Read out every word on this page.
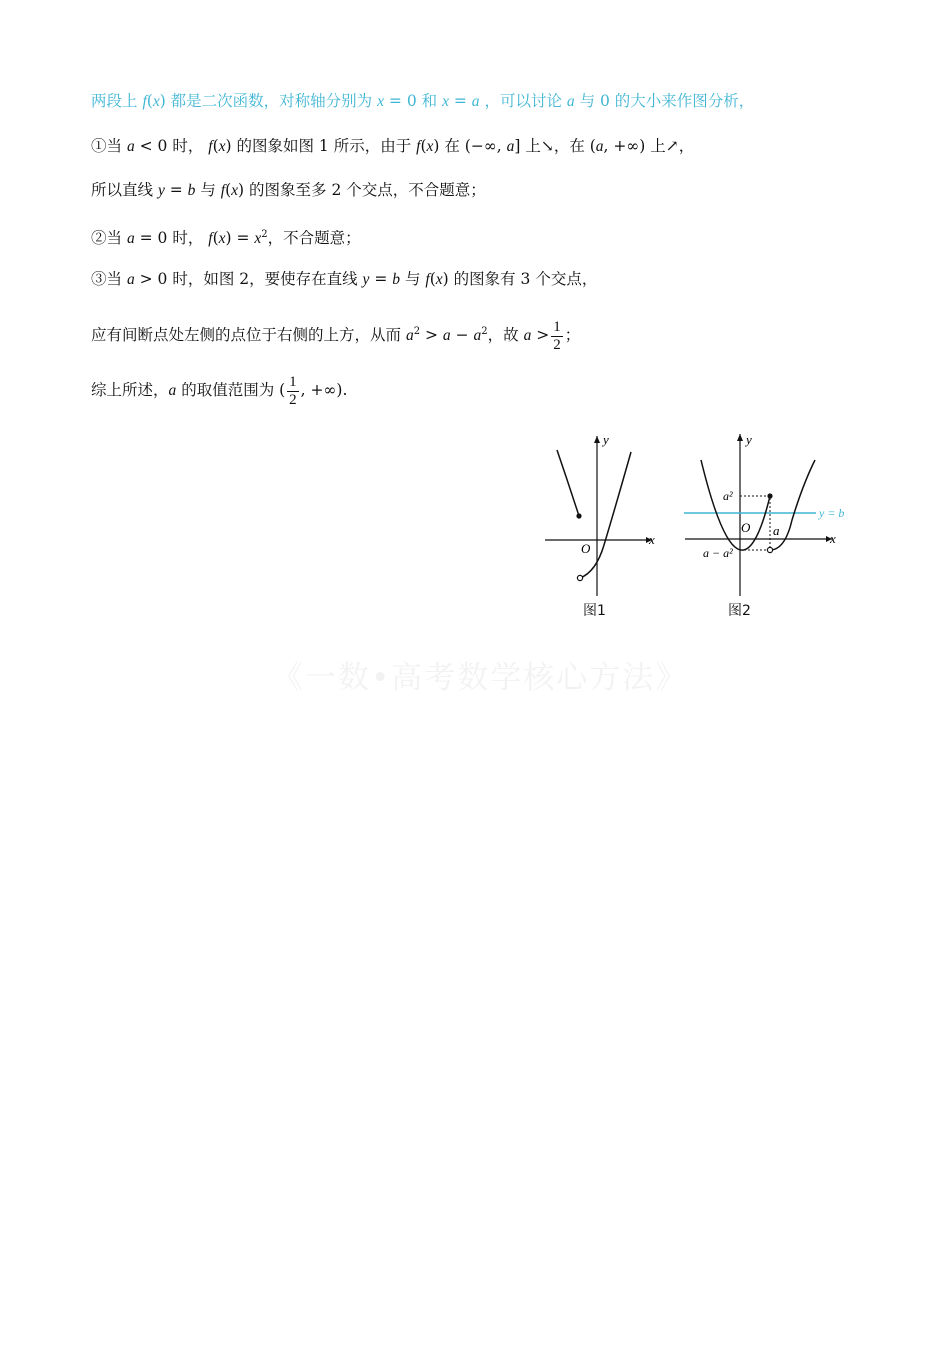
两段上 f(x) 都是二次函数，对称轴分别为 x = 0 和 x = a ，可以讨论 a 与 0 的大小来作图分析，
①当 a < 0 时， f(x) 的图象如图 1 所示，由于 f(x) 在 (−∞, a] 上↘，在 (a, +∞) 上↗，
所以直线 y = b 与 f(x) 的图象至多 2 个交点，不合题意；
②当 a = 0 时， $f(x) = x^2$，不合题意；
③当 a > 0 时，如图 2，要使存在直线 y = b 与 f(x) 的图象有 3 个交点，
应有间断点处左侧的点位于右侧的上方，从而 $a^2 > a - a^2$，故 $a > \frac{1}{2}$ ；
综上所述，a 的取值范围为 ( $\frac{1}{2}$ , +∞).
y
x
O
图1
y
x
O
a²
a
a − a²
y = b
图2
《一数•高考数学核心方法》
